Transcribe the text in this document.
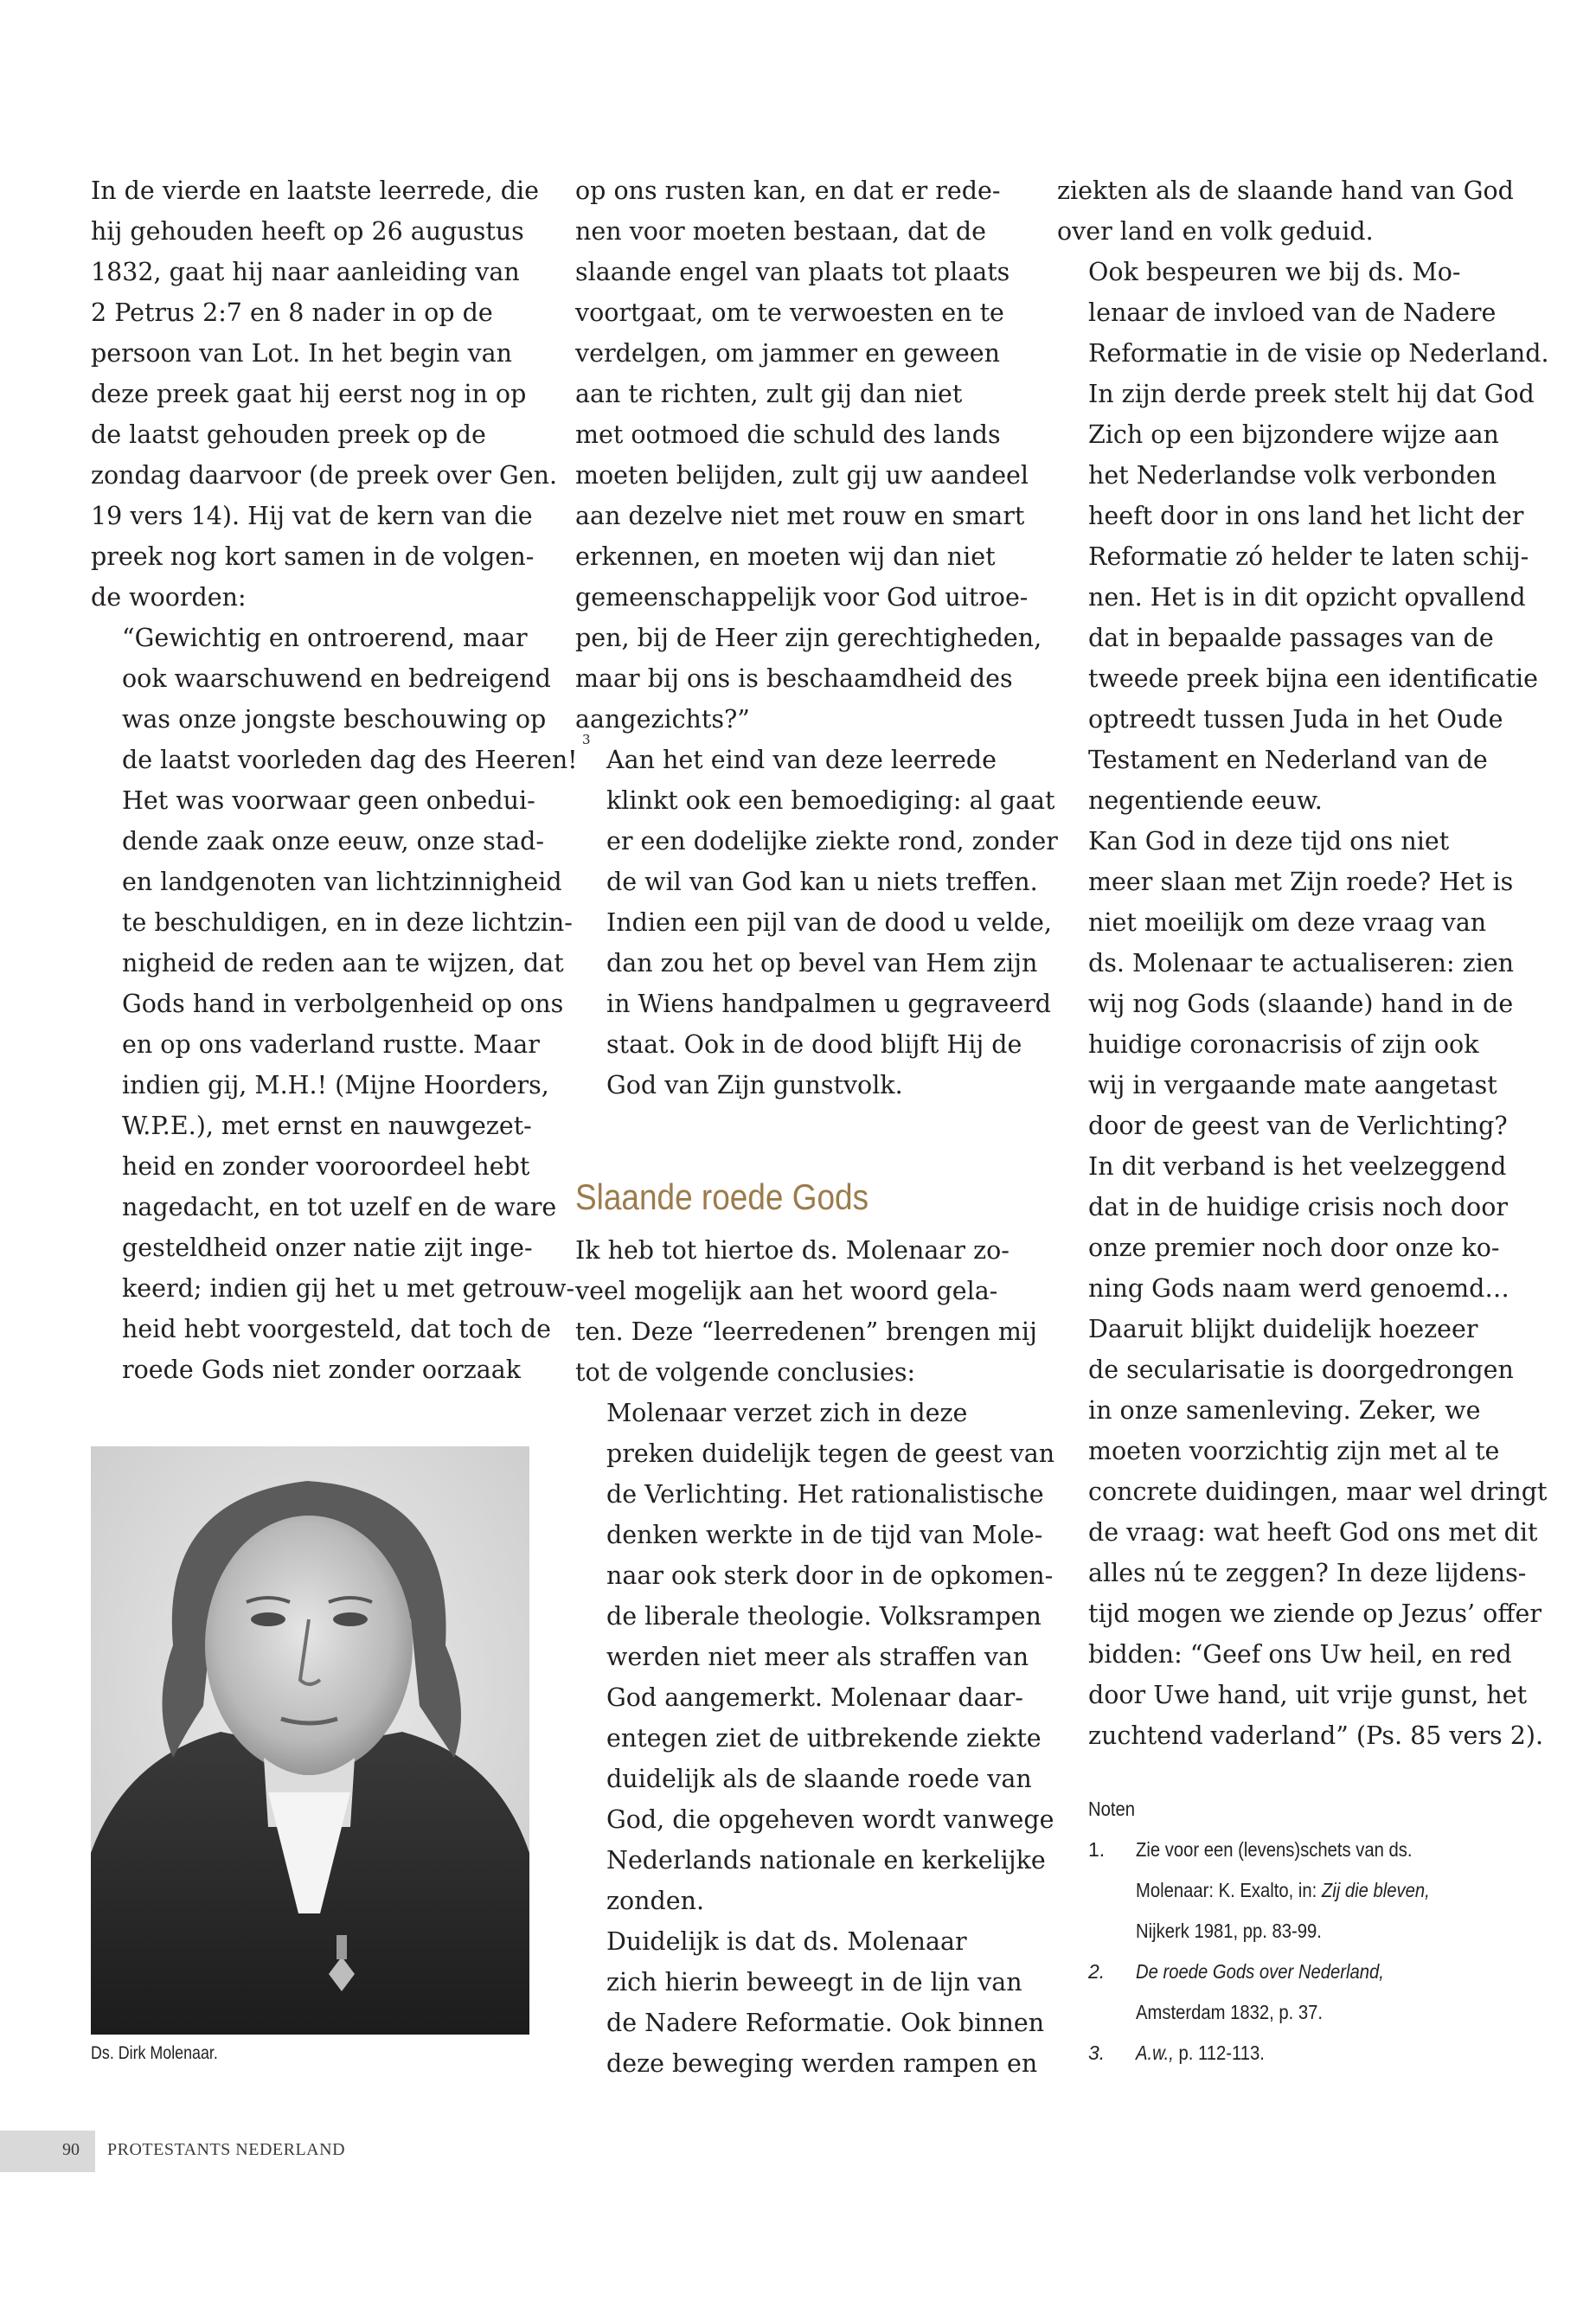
In de vierde en laatste leerrede, die
hij gehouden heeft op 26 augustus
1832, gaat hij naar aanleiding van
2 Petrus 2:7 en 8 nader in op de
persoon van Lot. In het begin van
deze preek gaat hij eerst nog in op
de laatst gehouden preek op de
zondag daarvoor (de preek over Gen.
19 vers 14). Hij vat de kern van die
preek nog kort samen in de volgen-
de woorden:

“Gewichtig en ontroerend, maar
ook waarschuwend en bedreigend
was onze jongste beschouwing op
de laatst voorleden dag des Heeren!
Het was voorwaar geen onbedui-
dende zaak onze eeuw, onze stad-
en landgenoten van lichtzinnigheid
te beschuldigen, en in deze lichtzin-
nigheid de reden aan te wijzen, dat
Gods hand in verbolgenheid op ons
en op ons vaderland rustte. Maar
indien gij, M.H.! (Mijne Hoorders,
W.P.E.), met ernst en nauwgezet-
heid en zonder vooroordeel hebt
nagedacht, en tot uzelf en de ware
gesteldheid onzer natie zijt inge-
keerd; indien gij het u met getrouw-
heid hebt voorgesteld, dat toch de
roede Gods niet zonder oorzaak

op ons rusten kan, en dat er rede-
nen voor moeten bestaan, dat de
slaande engel van plaats tot plaats
voortgaat, om te verwoesten en te
verdelgen, om jammer en geween
aan te richten, zult gij dan niet
met ootmoed die schuld des lands
moeten belijden, zult gij uw aandeel
aan dezelve niet met rouw en smart
erkennen, en moeten wij dan niet
gemeenschappelijk voor God uitroe-
pen, bij de Heer zijn gerechtigheden,
maar bij ons is beschaamdheid des
aangezichts?”
3

Aan het eind van deze leerrede
klinkt ook een bemoediging: al gaat
er een dodelijke ziekte rond, zonder
de wil van God kan u niets treffen.
Indien een pijl van de dood u velde,
dan zou het op bevel van Hem zijn
in Wiens handpalmen u gegraveerd
staat. Ook in de dood blijft Hij de
God van Zijn gunstvolk.

Slaande roede Gods

Ik heb tot hiertoe ds. Molenaar zo-
veel mogelijk aan het woord gela-
ten. Deze “leerredenen” brengen mij
tot de volgende conclusies:

Molenaar verzet zich in deze
preken duidelijk tegen de geest van
de Verlichting. Het rationalistische
denken werkte in de tijd van Mole-
naar ook sterk door in de opkomen-
de liberale theologie. Volksrampen
werden niet meer als straffen van
God aangemerkt. Molenaar daar-
entegen ziet de uitbrekende ziekte
duidelijk als de slaande roede van
God, die opgeheven wordt vanwege
Nederlands nationale en kerkelijke
zonden.

Duidelijk is dat ds. Molenaar
zich hierin beweegt in de lijn van
de Nadere Reformatie. Ook binnen
deze beweging werden rampen en

ziekten als de slaande hand van God
over land en volk geduid.

Ook bespeuren we bij ds. Mo-
lenaar de invloed van de Nadere
Reformatie in de visie op Nederland.
In zijn derde preek stelt hij dat God
Zich op een bijzondere wijze aan
het Nederlandse volk verbonden
heeft door in ons land het licht der
Reformatie zó helder te laten schij-
nen. Het is in dit opzicht opvallend
dat in bepaalde passages van de
tweede preek bijna een identificatie
optreedt tussen Juda in het Oude
Testament en Nederland van de
negentiende eeuw.

Kan God in deze tijd ons niet
meer slaan met Zijn roede? Het is
niet moeilijk om deze vraag van
ds. Molenaar te actualiseren: zien
wij nog Gods (slaande) hand in de
huidige coronacrisis of zijn ook
wij in vergaande mate aangetast
door de geest van de Verlichting?
In dit verband is het veelzeggend
dat in de huidige crisis noch door
onze premier noch door onze ko-
ning Gods naam werd genoemd…
Daaruit blijkt duidelijk hoezeer
de secularisatie is doorgedrongen
in onze samenleving. Zeker, we
moeten voorzichtig zijn met al te
concrete duidingen, maar wel dringt
de vraag: wat heeft God ons met dit
alles nú te zeggen? In deze lijdens-
tijd mogen we ziende op Jezus’ offer
bidden: “Geef ons Uw heil, en red
door Uwe hand, uit vrije gunst, het
zuchtend vaderland” (Ps. 85 vers 2).

Ds. Dirk Molenaar.
Noten
1.	Zie voor een (levens)schets van ds.
Molenaar: K. Exalto, in: Zij die bleven,
Nijkerk 1981, pp. 83-99.
2.	De roede Gods over Nederland,
Amsterdam 1832, p. 37.
3.	A.w., p. 112-113.
90 PROTESTANTS NEDERLAND
